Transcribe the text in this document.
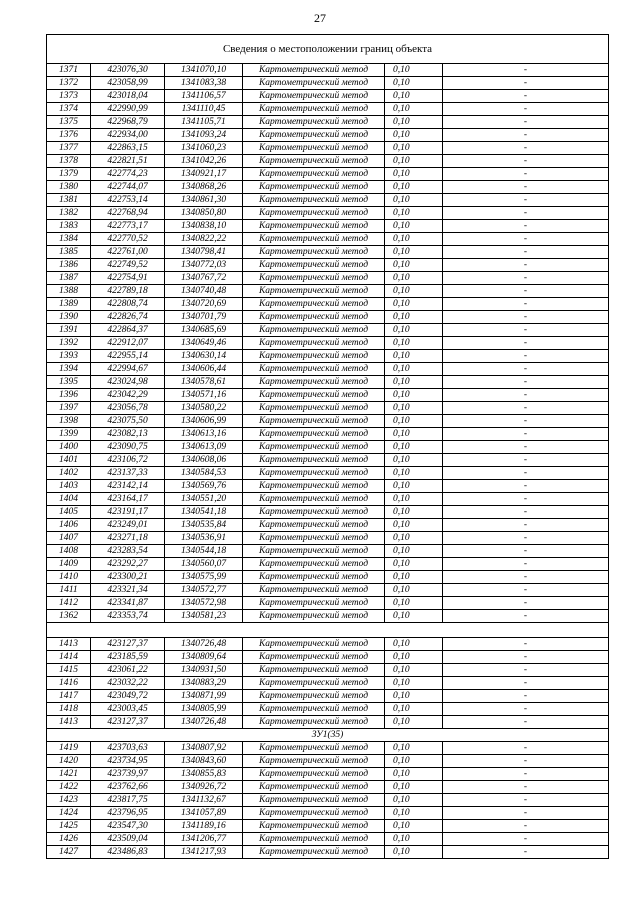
27
Сведения о местоположении границ объекта					
1371	423076,30	1341070,10	Картометрический метод	0,10	-
1372	423058,99	1341083,38	Картометрический метод	0,10	-
1373	423018,04	1341106,57	Картометрический метод	0,10	-
1374	422990,99	1341110,45	Картометрический метод	0,10	-
1375	422968,79	1341105,71	Картометрический метод	0,10	-
1376	422934,00	1341093,24	Картометрический метод	0,10	-
1377	422863,15	1341060,23	Картометрический метод	0,10	-
1378	422821,51	1341042,26	Картометрический метод	0,10	-
1379	422774,23	1340921,17	Картометрический метод	0,10	-
1380	422744,07	1340868,26	Картометрический метод	0,10	-
1381	422753,14	1340861,30	Картометрический метод	0,10	-
1382	422768,94	1340850,80	Картометрический метод	0,10	-
1383	422773,17	1340838,10	Картометрический метод	0,10	-
1384	422770,52	1340822,22	Картометрический метод	0,10	-
1385	422761,00	1340798,41	Картометрический метод	0,10	-
1386	422749,52	1340772,03	Картометрический метод	0,10	-
1387	422754,91	1340767,72	Картометрический метод	0,10	-
1388	422789,18	1340740,48	Картометрический метод	0,10	-
1389	422808,74	1340720,69	Картометрический метод	0,10	-
1390	422826,74	1340701,79	Картометрический метод	0,10	-
1391	422864,37	1340685,69	Картометрический метод	0,10	-
1392	422912,07	1340649,46	Картометрический метод	0,10	-
1393	422955,14	1340630,14	Картометрический метод	0,10	-
1394	422994,67	1340606,44	Картометрический метод	0,10	-
1395	423024,98	1340578,61	Картометрический метод	0,10	-
1396	423042,29	1340571,16	Картометрический метод	0,10	-
1397	423056,78	1340580,22	Картометрический метод	0,10	-
1398	423075,50	1340606,99	Картометрический метод	0,10	-
1399	423082,13	1340613,16	Картометрический метод	0,10	-
1400	423090,75	1340613,09	Картометрический метод	0,10	-
1401	423106,72	1340608,06	Картометрический метод	0,10	-
1402	423137,33	1340584,53	Картометрический метод	0,10	-
1403	423142,14	1340569,76	Картометрический метод	0,10	-
1404	423164,17	1340551,20	Картометрический метод	0,10	-
1405	423191,17	1340541,18	Картометрический метод	0,10	-
1406	423249,01	1340535,84	Картометрический метод	0,10	-
1407	423271,18	1340536,91	Картометрический метод	0,10	-
1408	423283,54	1340544,18	Картометрический метод	0,10	-
1409	423292,27	1340560,07	Картометрический метод	0,10	-
1410	423300,21	1340575,99	Картометрический метод	0,10	-
1411	423321,34	1340572,77	Картометрический метод	0,10	-
1412	423341,87	1340572,98	Картометрический метод	0,10	-
1362	423353,74	1340581,23	Картометрический метод	0,10	-

1413	423127,37	1340726,48	Картометрический метод	0,10	-
1414	423185,59	1340809,64	Картометрический метод	0,10	-
1415	423061,22	1340931,50	Картометрический метод	0,10	-
1416	423032,22	1340883,29	Картометрический метод	0,10	-
1417	423049,72	1340871,99	Картометрический метод	0,10	-
1418	423003,45	1340805,99	Картометрический метод	0,10	-
1413	423127,37	1340726,48	Картометрический метод	0,10	-
ЗУ1(35)					
1419	423703,63	1340807,92	Картометрический метод	0,10	-
1420	423734,95	1340843,60	Картометрический метод	0,10	-
1421	423739,97	1340855,83	Картометрический метод	0,10	-
1422	423762,66	1340926,72	Картометрический метод	0,10	-
1423	423817,75	1341132,67	Картометрический метод	0,10	-
1424	423796,95	1341057,89	Картометрический метод	0,10	-
1425	423547,30	1341189,16	Картометрический метод	0,10	-
1426	423509,04	1341206,77	Картометрический метод	0,10	-
1427	423486,83	1341217,93	Картометрический метод	0,10	-
